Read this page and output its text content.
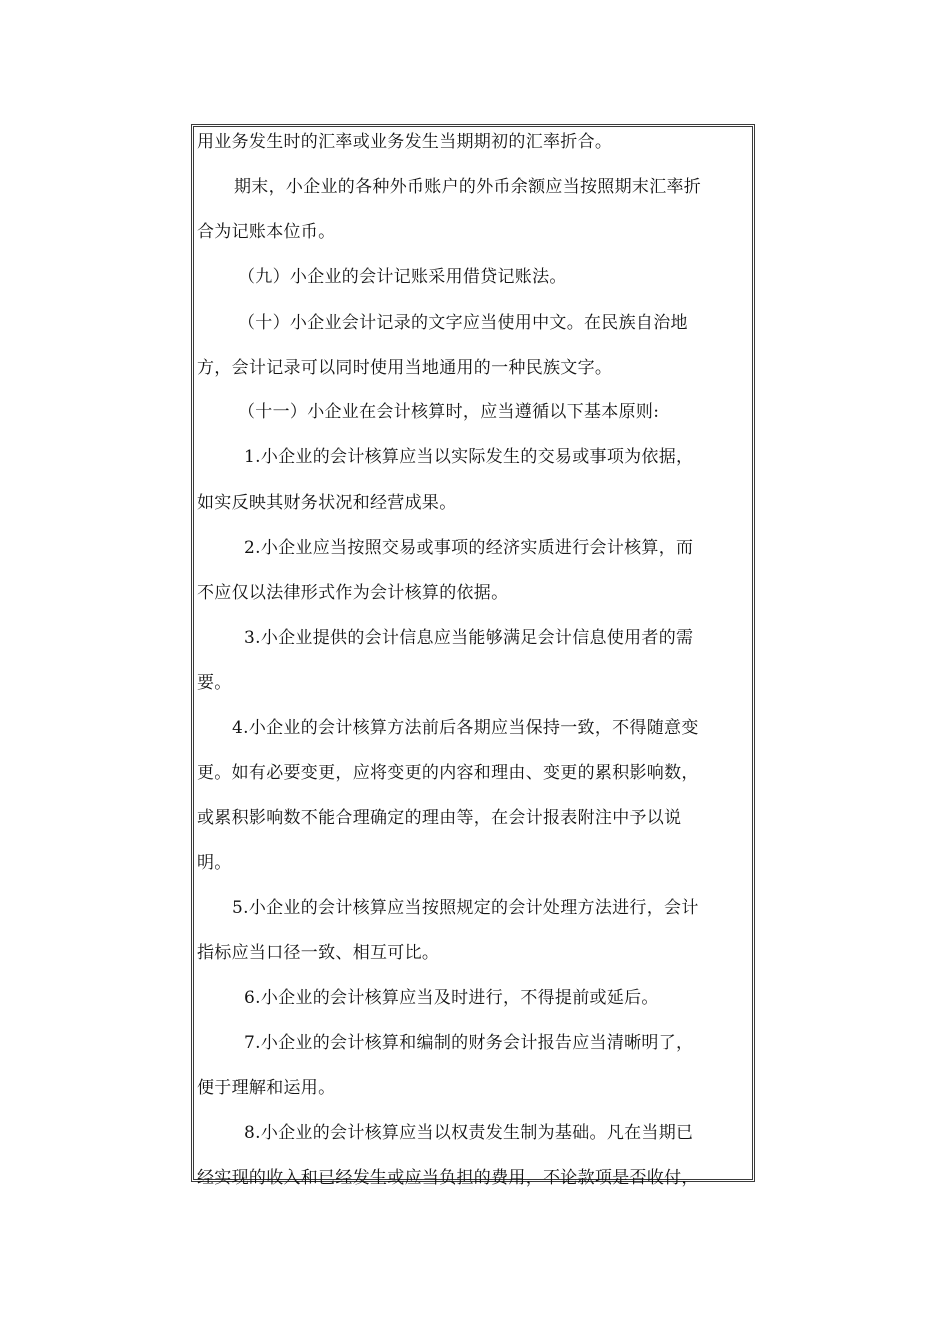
用业务发生时的汇率或业务发生当期期初的汇率折合。
期末，小企业的各种外币账户的外币余额应当按照期末汇率折
合为记账本位币。
（九）小企业的会计记账采用借贷记账法。
（十）小企业会计记录的文字应当使用中文。在民族自治地
方，会计记录可以同时使用当地通用的一种民族文字。
（十一）小企业在会计核算时，应当遵循以下基本原则:
1.小企业的会计核算应当以实际发生的交易或事项为依据，
如实反映其财务状况和经营成果。
2.小企业应当按照交易或事项的经济实质进行会计核算，而
不应仅以法律形式作为会计核算的依据。
3.小企业提供的会计信息应当能够满足会计信息使用者的需
要。
4.小企业的会计核算方法前后各期应当保持一致，不得随意变
更。如有必要变更，应将变更的内容和理由、变更的累积影响数，
或累积影响数不能合理确定的理由等，在会计报表附注中予以说
明。
5.小企业的会计核算应当按照规定的会计处理方法进行，会计
指标应当口径一致、相互可比。
6.小企业的会计核算应当及时进行，不得提前或延后。
7.小企业的会计核算和编制的财务会计报告应当清晰明了，
便于理解和运用。
8.小企业的会计核算应当以权责发生制为基础。凡在当期已
经实现的收入和已经发生或应当负担的费用，不论款项是否收付，
